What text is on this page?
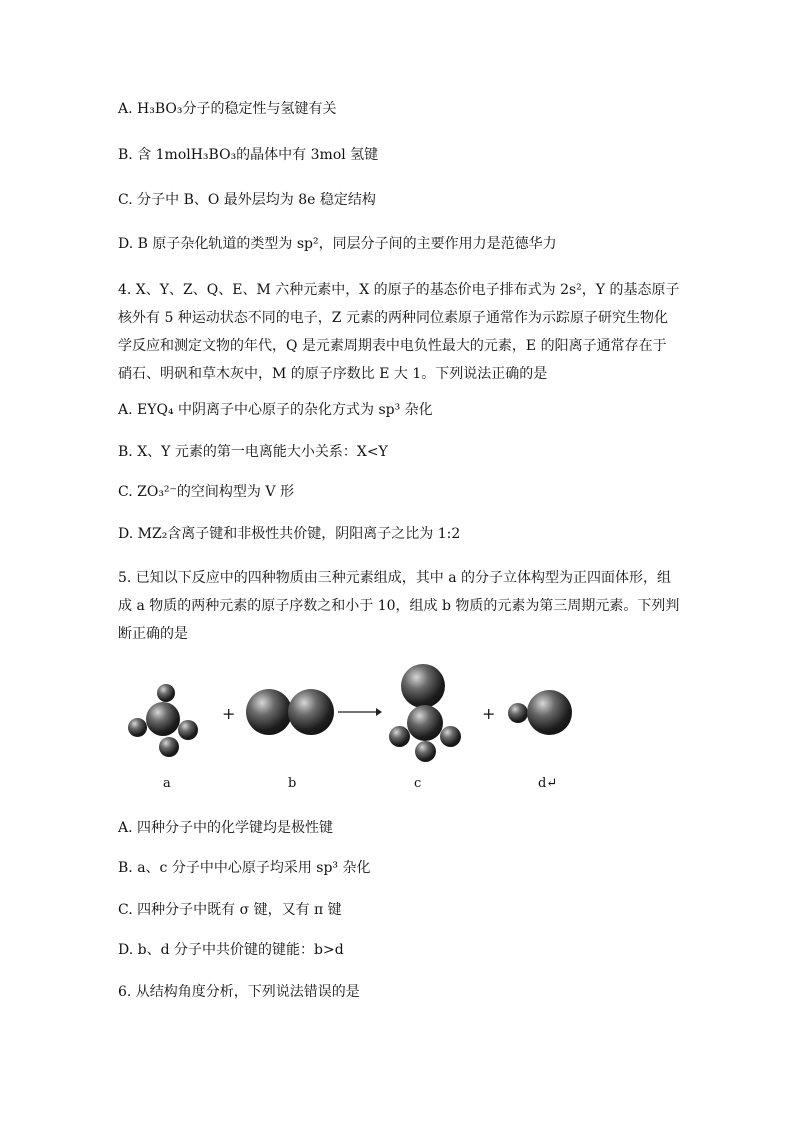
A. H₃BO₃分子的稳定性与氢键有关
B. 含 1molH₃BO₃的晶体中有 3mol 氢键
C. 分子中 B、O 最外层均为 8e 稳定结构
D. B 原子杂化轨道的类型为 sp²，同层分子间的主要作用力是范德华力
4. X、Y、Z、Q、E、M 六种元素中，X 的原子的基态价电子排布式为 2s²，Y 的基态原子
核外有 5 种运动状态不同的电子，Z 元素的两种同位素原子通常作为示踪原子研究生物化
学反应和测定文物的年代，Q 是元素周期表中电负性最大的元素，E 的阳离子通常存在于
硝石、明矾和草木灰中，M 的原子序数比 E 大 1。下列说法正确的是
A. EYQ₄ 中阴离子中心原子的杂化方式为 sp³ 杂化
B. X、Y 元素的第一电离能大小关系：X<Y
C. ZO₃²⁻的空间构型为 V 形
D. MZ₂含离子键和非极性共价键，阴阳离子之比为 1:2
5. 已知以下反应中的四种物质由三种元素组成，其中 a 的分子立体构型为正四面体形，组
成 a 物质的两种元素的原子序数之和小于 10，组成 b 物质的元素为第三周期元素。下列判
断正确的是
+	+
a	b	c	d↵
A. 四种分子中的化学键均是极性键
B. a、c 分子中中心原子均采用 sp³ 杂化
C. 四种分子中既有 σ 键，又有 π 键
D. b、d 分子中共价键的键能：b>d
6. 从结构角度分析，下列说法错误的是
